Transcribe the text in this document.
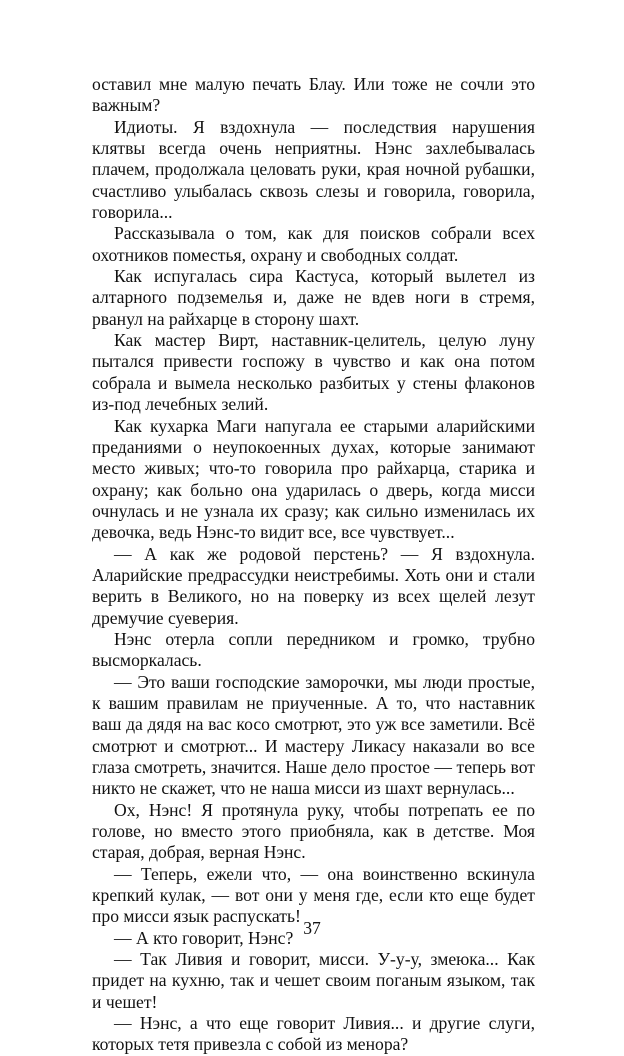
оставил мне малую печать Блау. Или тоже не сочли это важным?

Идиоты. Я вздохнула — последствия нарушения клятвы всегда очень неприятны. Нэнс захлебывалась плачем, продолжала целовать руки, края ночной рубашки, счастливо улыбалась сквозь слезы и говорила, говорила, говорила...

Рассказывала о том, как для поисков собрали всех охотников поместья, охрану и свободных солдат.

Как испугалась сира Кастуса, который вылетел из алтарного подземелья и, даже не вдев ноги в стремя, рванул на райхарце в сторону шахт.

Как мастер Вирт, наставник-целитель, целую луну пытался привести госпожу в чувство и как она потом собрала и вымела несколько разбитых у стены флаконов из-под лечебных зелий.

Как кухарка Маги напугала ее старыми аларийскими преданиями о неупокоенных духах, которые занимают место живых; что-то говорила про райхарца, старика и охрану; как больно она ударилась о дверь, когда мисси очнулась и не узнала их сразу; как сильно изменилась их девочка, ведь Нэнс-то видит все, все чувствует...

— А как же родовой перстень? — Я вздохнула. Аларийские предрассудки неистребимы. Хоть они и стали верить в Великого, но на поверку из всех щелей лезут дремучие суеверия.

Нэнс отерла сопли передником и громко, трубно высморкалась.

— Это ваши господские заморочки, мы люди простые, к вашим правилам не приученные. А то, что наставник ваш да дядя на вас косо смотрют, это уж все заметили. Всё смотрют и смотрют... И мастеру Ликасу наказали во все глаза смотреть, значится. Наше дело простое — теперь вот никто не скажет, что не наша мисси из шахт вернулась...

Ох, Нэнс! Я протянула руку, чтобы потрепать ее по голове, но вместо этого приобняла, как в детстве. Моя старая, добрая, верная Нэнс.

— Теперь, ежели что, — она воинственно вскинула крепкий кулак, — вот они у меня где, если кто еще будет про мисси язык распускать!

— А кто говорит, Нэнс?

— Так Ливия и говорит, мисси. У-у-у, змеюка... Как придет на кухню, так и чешет своим поганым языком, так и чешет!

— Нэнс, а что еще говорит Ливия... и другие слуги, которых тетя привезла с собой из менора?

37
